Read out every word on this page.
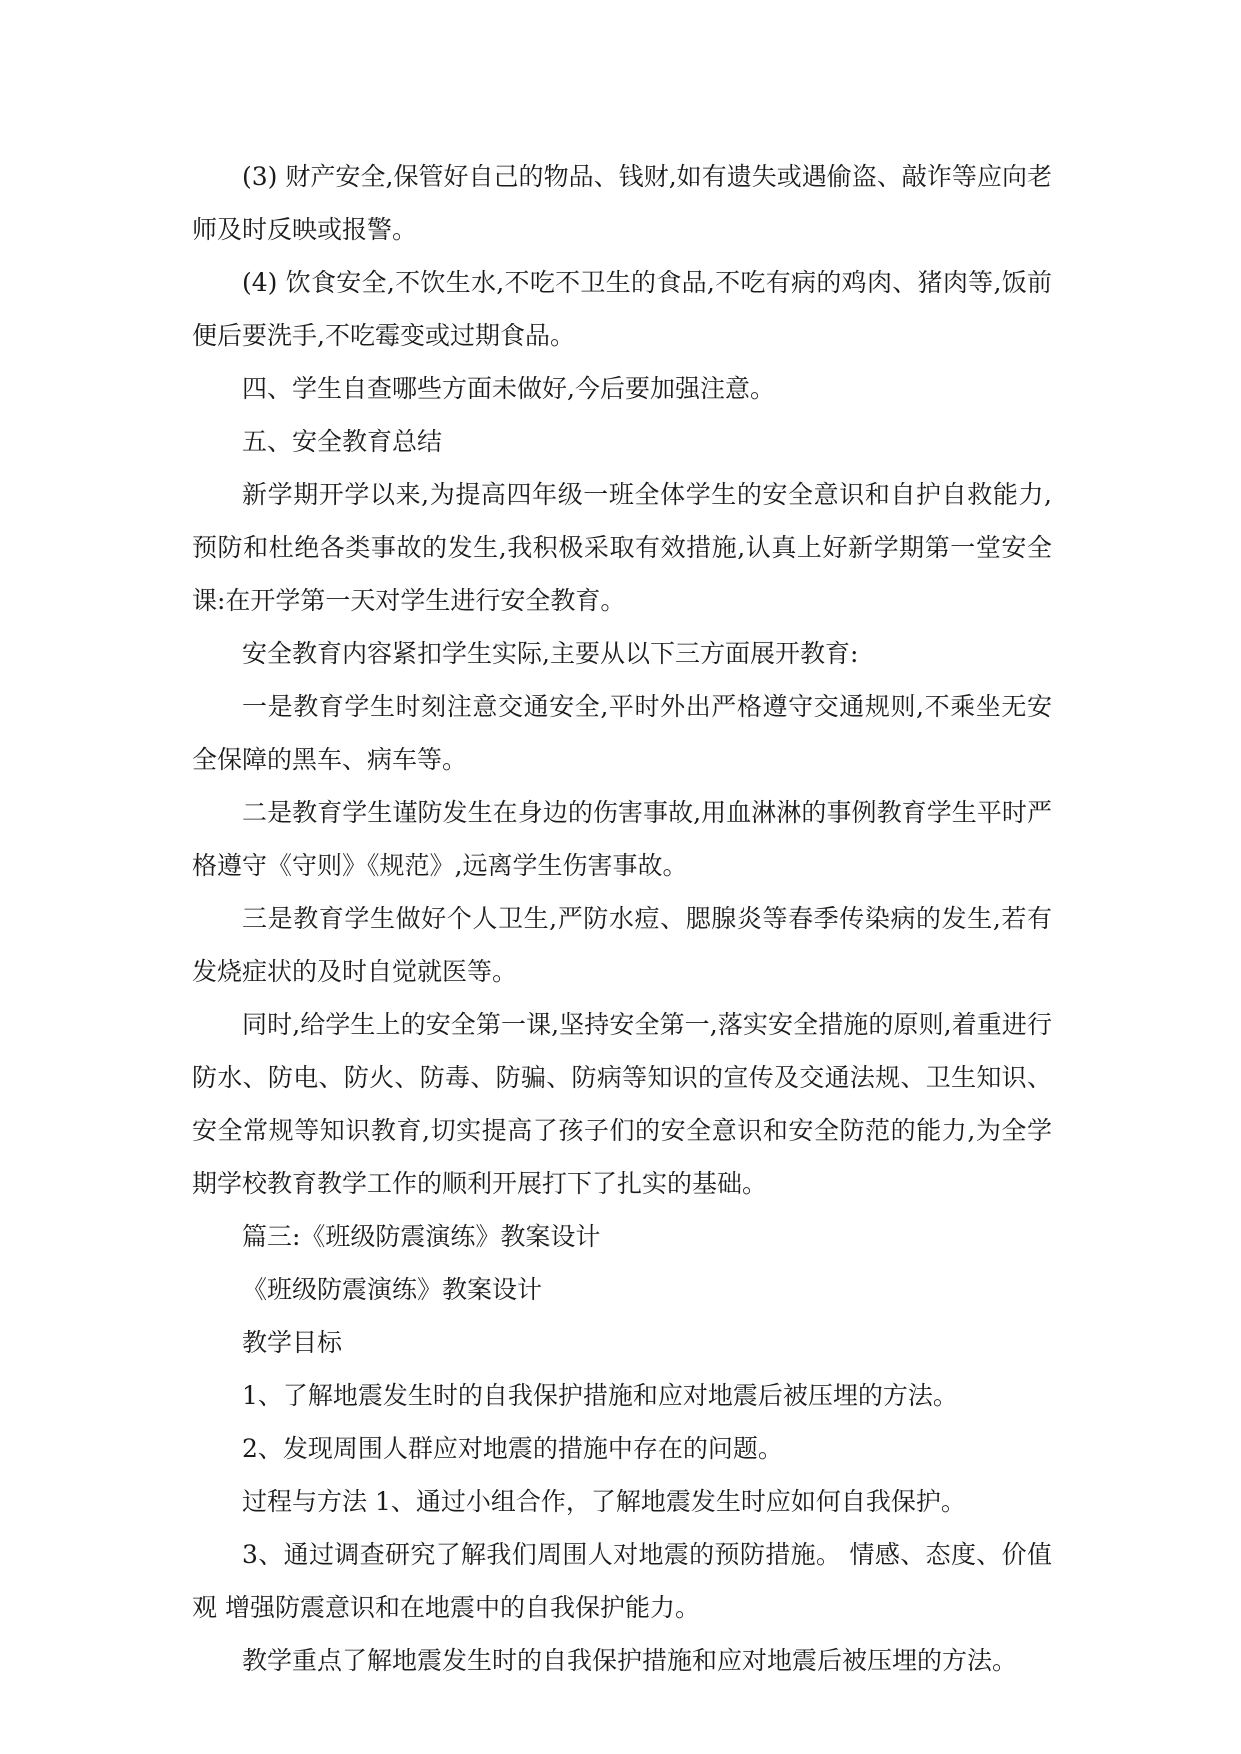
(3) 财产安全,保管好自己的物品、钱财,如有遗失或遇偷盗、敲诈等应向老师及时反映或报警。

(4) 饮食安全,不饮生水,不吃不卫生的食品,不吃有病的鸡肉、猪肉等,饭前便后要洗手,不吃霉变或过期食品。

四、学生自查哪些方面未做好,今后要加强注意。

五、安全教育总结

新学期开学以来,为提高四年级一班全体学生的安全意识和自护自救能力,预防和杜绝各类事故的发生,我积极采取有效措施,认真上好新学期第一堂安全课:在开学第一天对学生进行安全教育。

安全教育内容紧扣学生实际,主要从以下三方面展开教育:

一是教育学生时刻注意交通安全,平时外出严格遵守交通规则,不乘坐无安全保障的黑车、病车等。

二是教育学生谨防发生在身边的伤害事故,用血淋淋的事例教育学生平时严格遵守《守则》《规范》,远离学生伤害事故。

三是教育学生做好个人卫生,严防水痘、腮腺炎等春季传染病的发生,若有发烧症状的及时自觉就医等。

同时,给学生上的安全第一课,坚持安全第一,落实安全措施的原则,着重进行防水、防电、防火、防毒、防骗、防病等知识的宣传及交通法规、卫生知识、安全常规等知识教育,切实提高了孩子们的安全意识和安全防范的能力,为全学期学校教育教学工作的顺利开展打下了扎实的基础。

篇三:《班级防震演练》教案设计

《班级防震演练》教案设计

教学目标

1、了解地震发生时的自我保护措施和应对地震后被压埋的方法。

2、发现周围人群应对地震的措施中存在的问题。

过程与方法 1、通过小组合作，了解地震发生时应如何自我保护。

3、通过调查研究了解我们周围人对地震的预防措施。 情感、态度、价值观 增强防震意识和在地震中的自我保护能力。

教学重点了解地震发生时的自我保护措施和应对地震后被压埋的方法。
